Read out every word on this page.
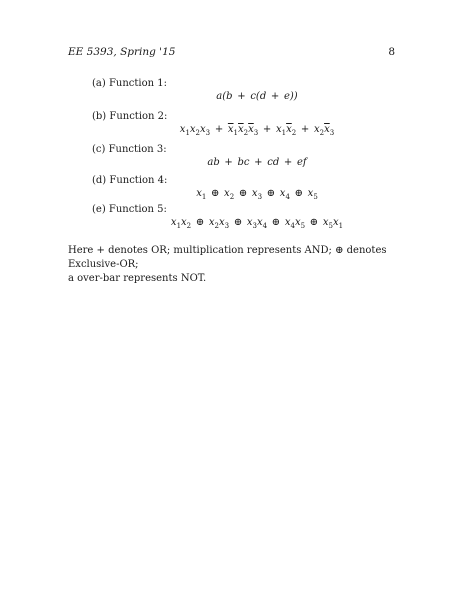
EE 5393, Spring '15	8
(a) Function 1:
a(b + c(d + e))
(b) Function 2:
$x_1x_2x_3 + \overline{x}_1\overline{x}_2\overline{x}_3 + x_1\overline{x}_2 + x_2\overline{x}_3$
(c) Function 3:
ab + bc + cd + ef
(d) Function 4:
$x_1$ ⊕ $x_2$ ⊕ $x_3$ ⊕ $x_4$ ⊕ $x_5$
(e) Function 5:
$x_1x_2$ ⊕ $x_2x_3$ ⊕ $x_3x_4$ ⊕ $x_4x_5$ ⊕ $x_5x_1$
Here + denotes OR; multiplication represents AND; ⊕ denotes Exclusive-OR;
a over-bar represents NOT.
